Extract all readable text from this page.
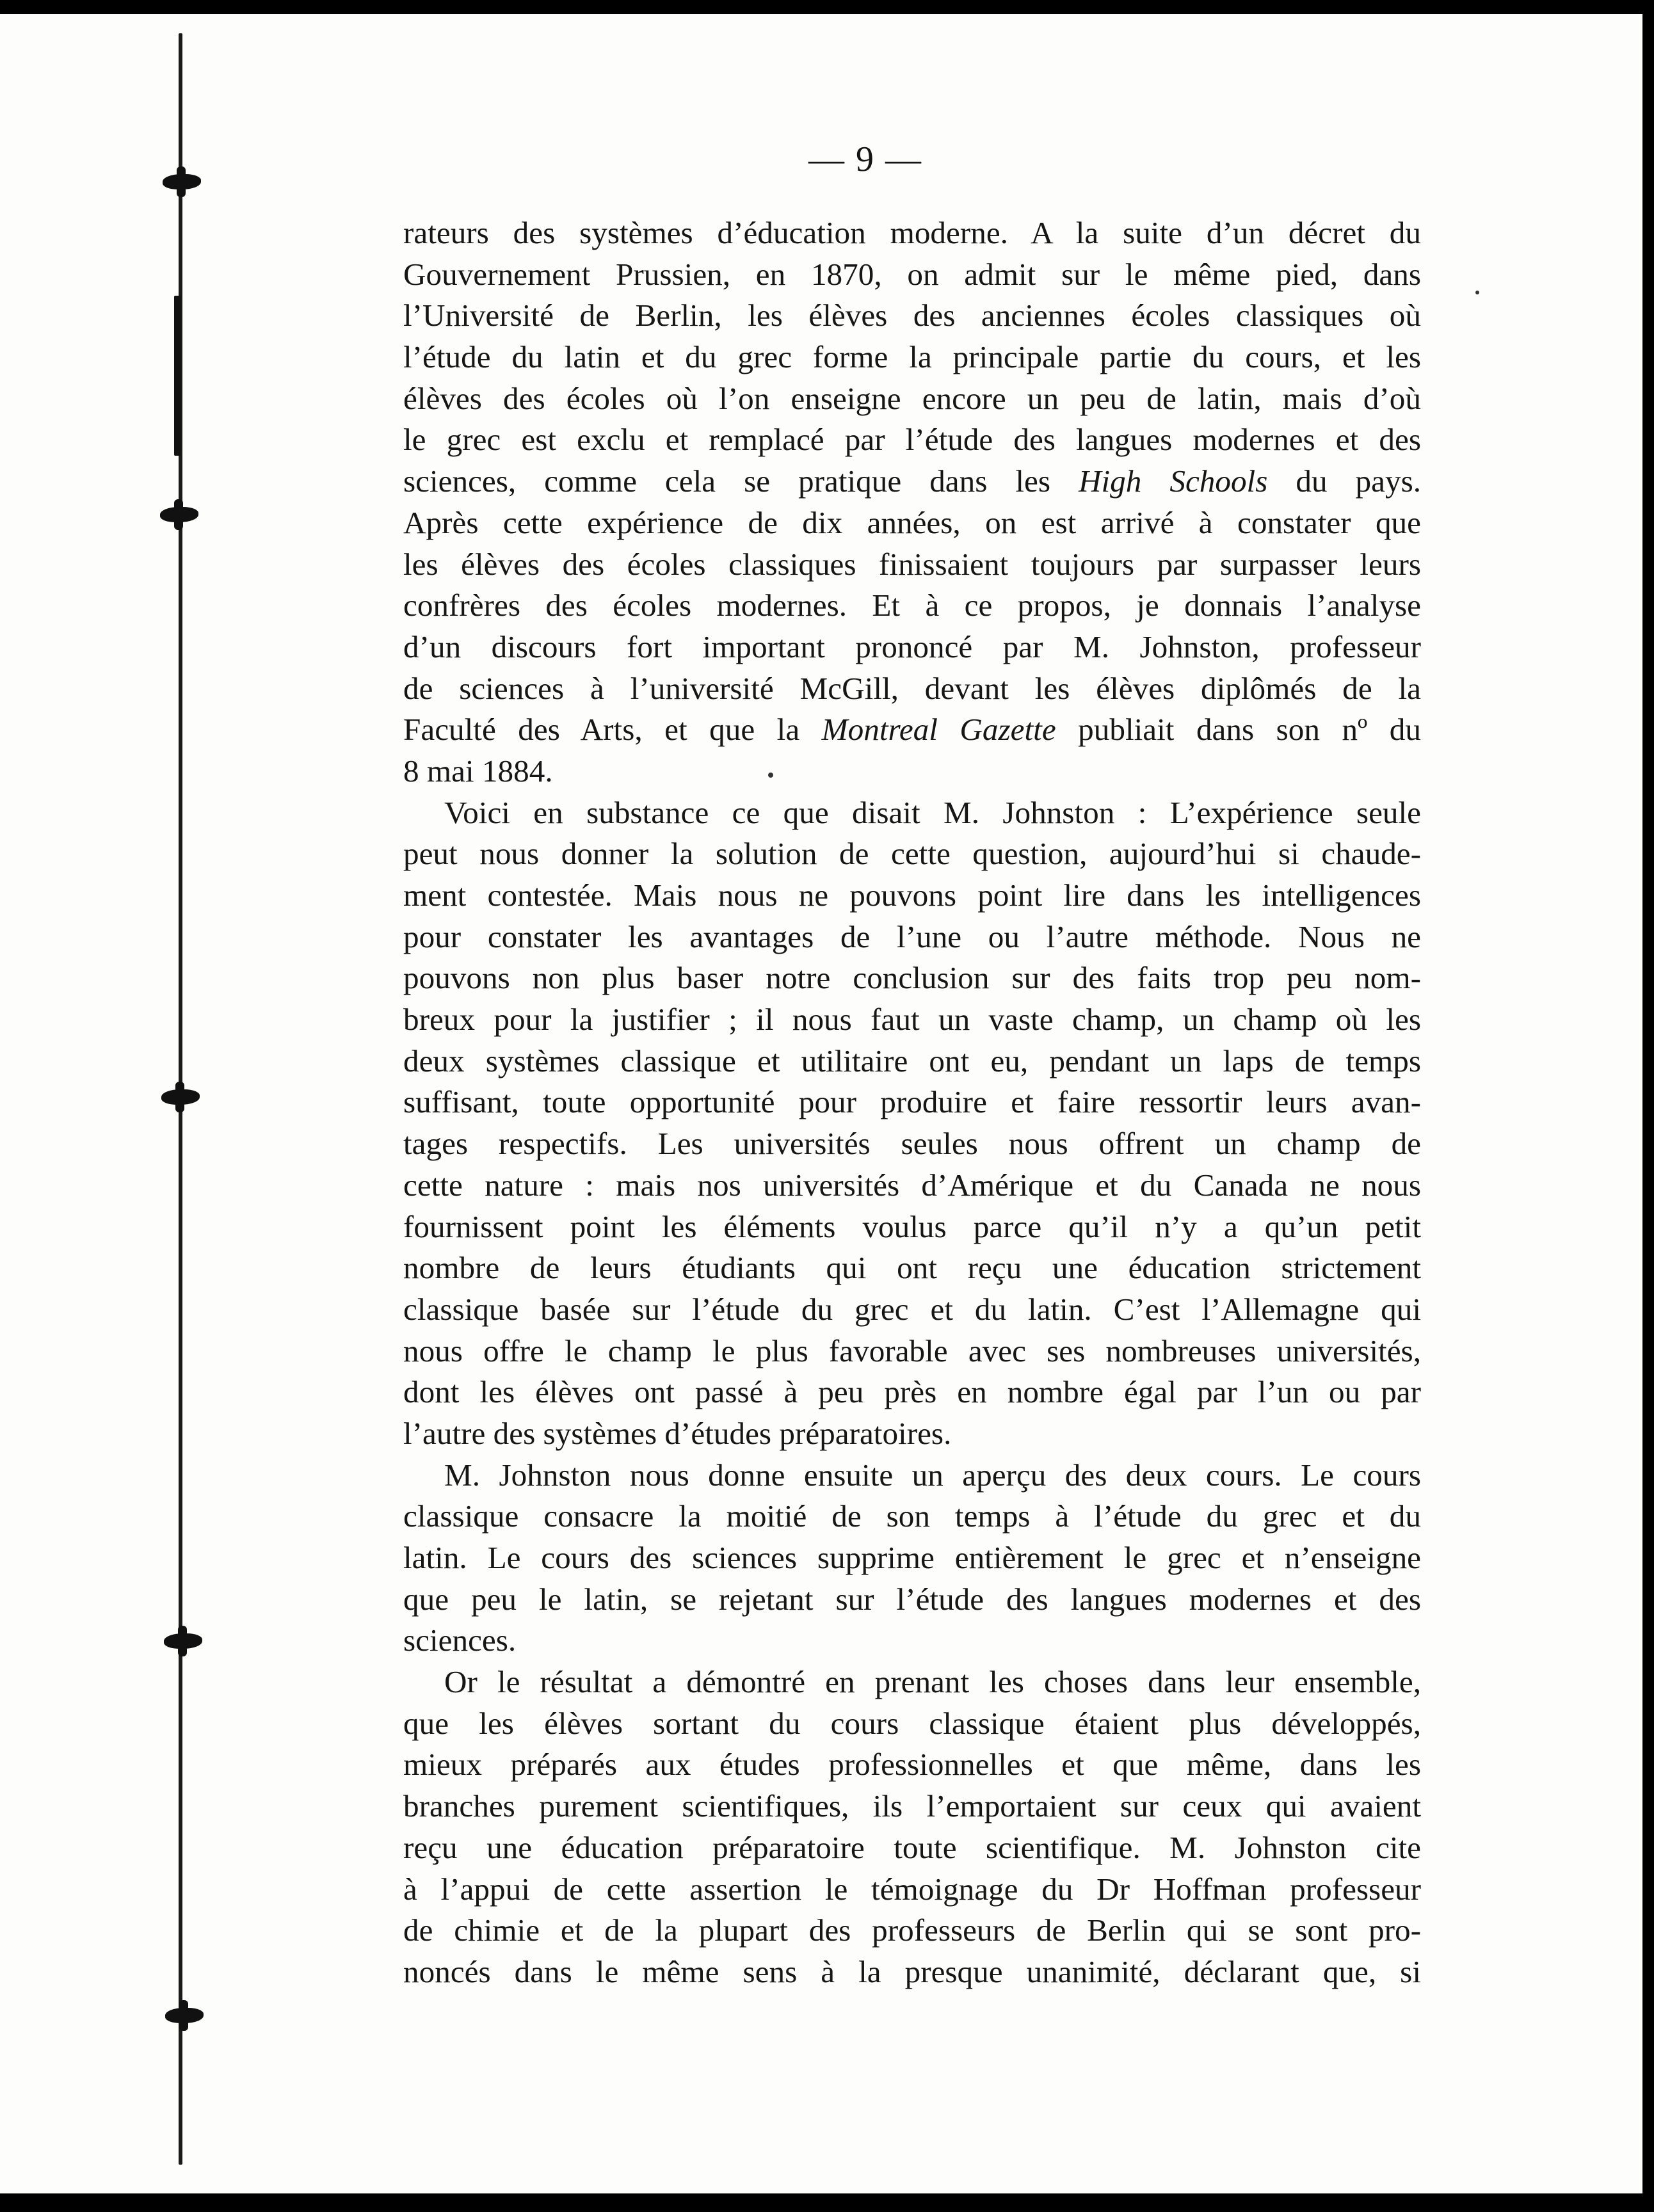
— 9 —
rateurs des systèmes d’éducation moderne. A la suite d’un décret du
Gouvernement Prussien, en 1870, on admit sur le même pied, dans
l’Université de Berlin, les élèves des anciennes écoles classiques où
l’étude du latin et du grec forme la principale partie du cours, et les
élèves des écoles où l’on enseigne encore un peu de latin, mais d’où
le grec est exclu et remplacé par l’étude des langues modernes et des
sciences, comme cela se pratique dans les High Schools du pays.
Après cette expérience de dix années, on est arrivé à constater que
les élèves des écoles classiques finissaient toujours par surpasser leurs
confrères des écoles modernes. Et à ce propos, je donnais l’analyse
d’un discours fort important prononcé par M. Johnston, professeur
de sciences à l’université McGill, devant les élèves diplômés de la
Faculté des Arts, et que la Montreal Gazette publiait dans son nº du
8 mai 1884.
Voici en substance ce que disait M. Johnston : L’expérience seule
peut nous donner la solution de cette question, aujourd’hui si chaude-
ment contestée. Mais nous ne pouvons point lire dans les intelligences
pour constater les avantages de l’une ou l’autre méthode. Nous ne
pouvons non plus baser notre conclusion sur des faits trop peu nom-
breux pour la justifier ; il nous faut un vaste champ, un champ où les
deux systèmes classique et utilitaire ont eu, pendant un laps de temps
suffisant, toute opportunité pour produire et faire ressortir leurs avan-
tages respectifs. Les universités seules nous offrent un champ de
cette nature : mais nos universités d’Amérique et du Canada ne nous
fournissent point les éléments voulus parce qu’il n’y a qu’un petit
nombre de leurs étudiants qui ont reçu une éducation strictement
classique basée sur l’étude du grec et du latin. C’est l’Allemagne qui
nous offre le champ le plus favorable avec ses nombreuses universités,
dont les élèves ont passé à peu près en nombre égal par l’un ou par
l’autre des systèmes d’études préparatoires.
M. Johnston nous donne ensuite un aperçu des deux cours. Le cours
classique consacre la moitié de son temps à l’étude du grec et du
latin. Le cours des sciences supprime entièrement le grec et n’enseigne
que peu le latin, se rejetant sur l’étude des langues modernes et des
sciences.
Or le résultat a démontré en prenant les choses dans leur ensemble,
que les élèves sortant du cours classique étaient plus développés,
mieux préparés aux études professionnelles et que même, dans les
branches purement scientifiques, ils l’emportaient sur ceux qui avaient
reçu une éducation préparatoire toute scientifique. M. Johnston cite
à l’appui de cette assertion le témoignage du Dr Hoffman professeur
de chimie et de la plupart des professeurs de Berlin qui se sont pro-
noncés dans le même sens à la presque unanimité, déclarant que, si
